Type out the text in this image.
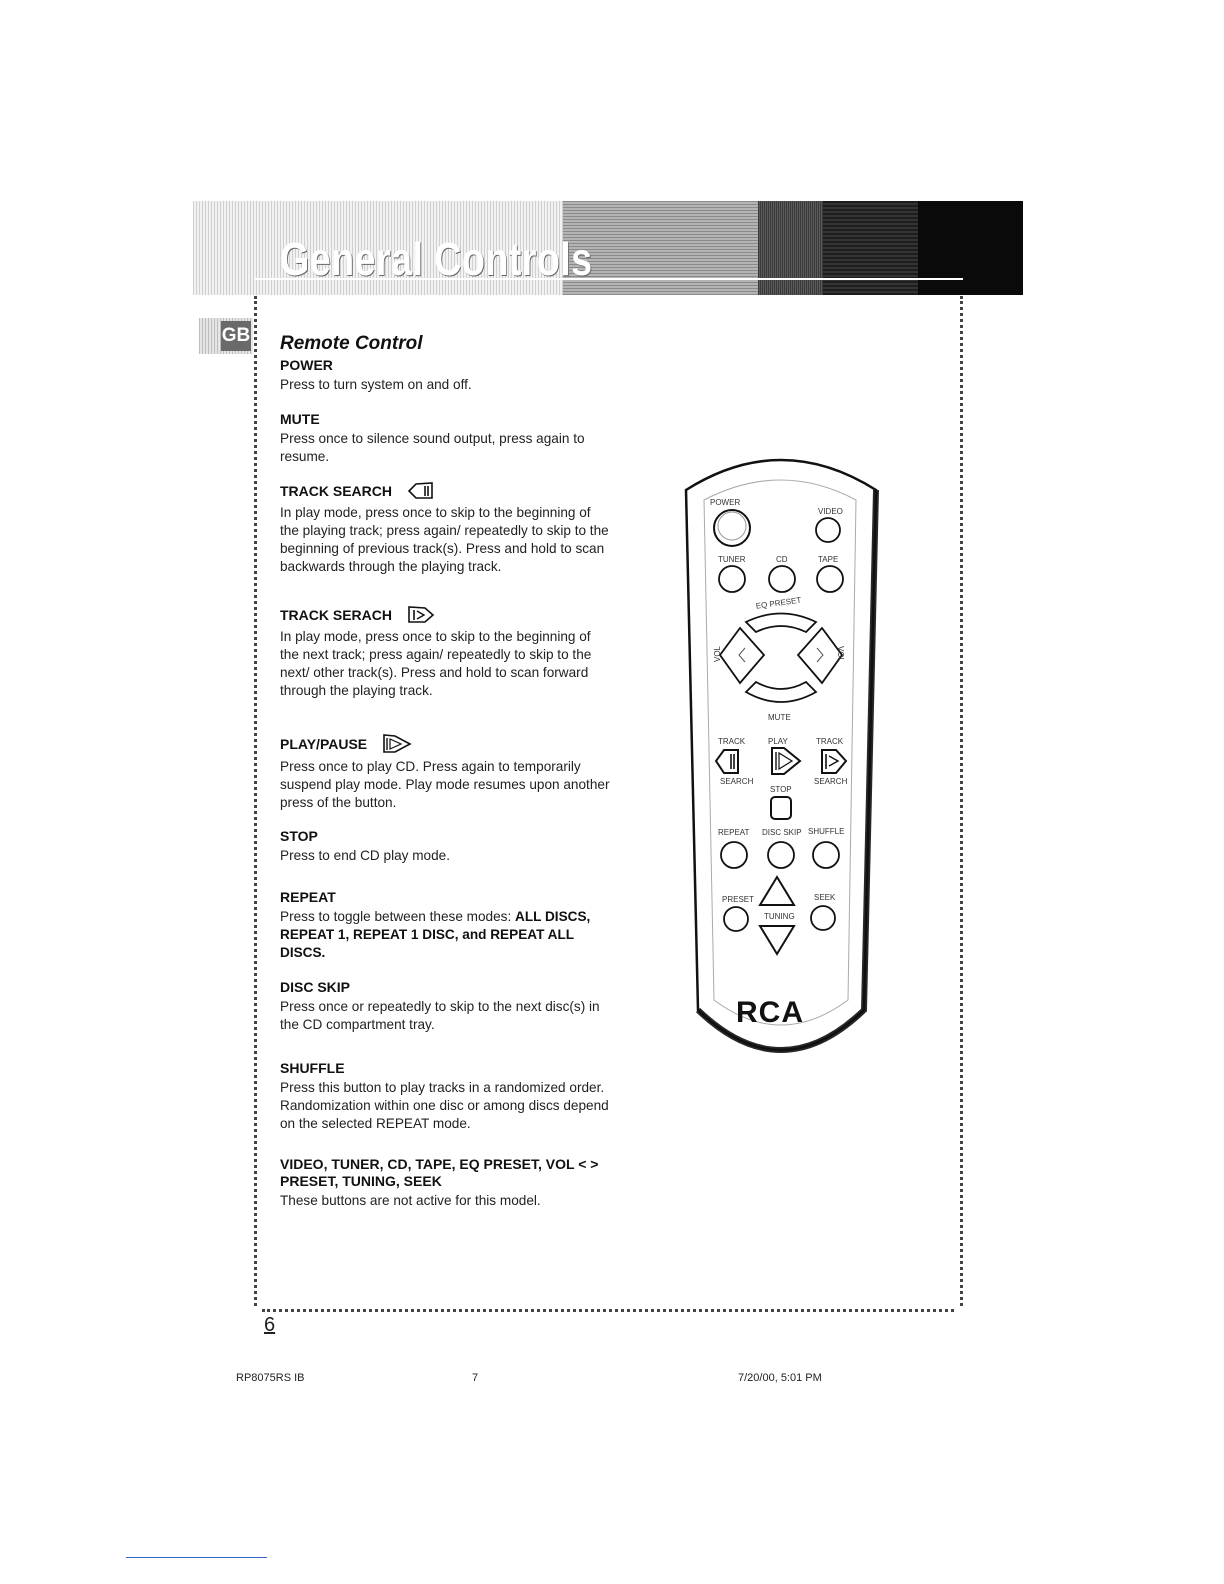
General Controls
GB Remote Control
POWER

Press to turn system on and off.

MUTE

Press once to silence sound output, press again to resume.

TRACK SEARCH

In play mode, press once to skip to the beginning of the playing track; press again/ repeatedly to skip to the beginning of previous track(s). Press and hold to scan backwards through the playing track.

TRACK SERACH

In play mode, press once to skip to the beginning of the next track; press again/ repeatedly to skip to the next/ other track(s). Press and hold to scan forward through the playing track.

PLAY/PAUSE

Press once to play CD. Press again to temporarily suspend play mode. Play mode resumes upon another press of the button.

STOP

Press to end CD play mode.

REPEAT

Press to toggle between these modes: ALL DISCS, REPEAT 1, REPEAT 1 DISC, and REPEAT ALL DISCS.

DISC SKIP

Press once or repeatedly to skip to the next disc(s) in the CD compartment tray.

SHUFFLE

Press this button to play tracks in a randomized order. Randomization within one disc or among discs depend on the selected REPEAT mode.

VIDEO, TUNER, CD, TAPE, EQ PRESET, VOL < >
PRESET, TUNING, SEEK

These buttons are not active for this model.

POWER
VIDEO
TUNER	CD	TAPE
EQ PRESET
VOL	VOL
MUTE
TRACK	PLAY	TRACK
SEARCH	SEARCH
STOP
REPEAT DISC SKIP SHUFFLE
PRESET	SEEK
TUNING
RCA
6
RP8075RS IB	7	7/20/00, 5:01 PM
